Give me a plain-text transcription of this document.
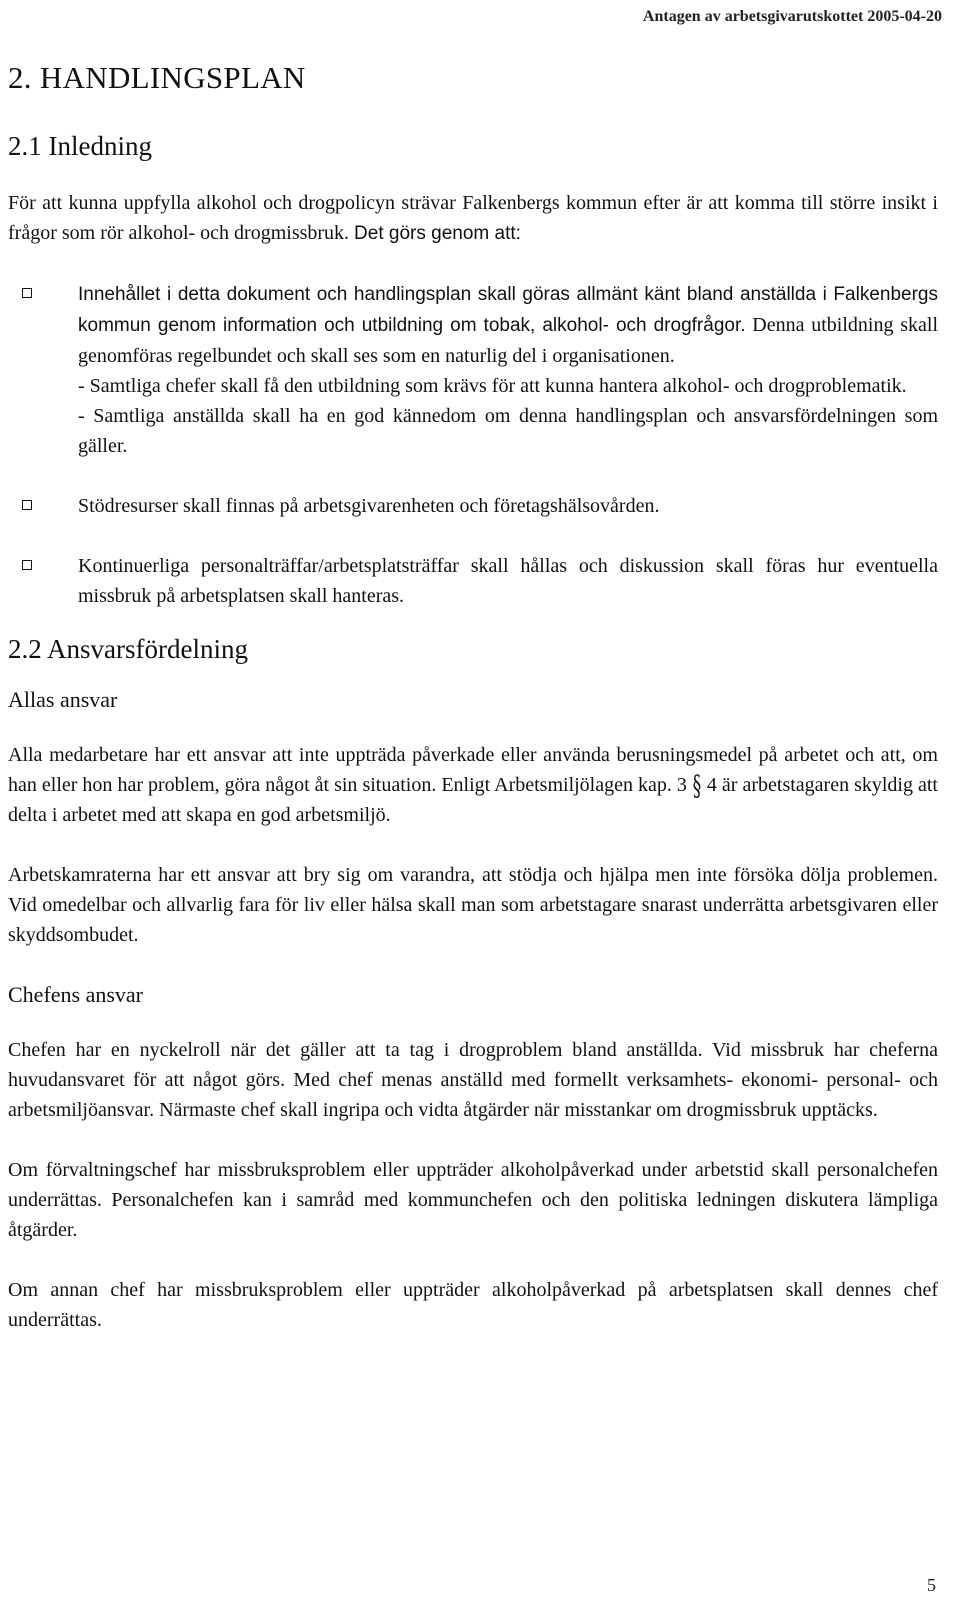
Antagen av arbetsgivarutskottet 2005-04-20
2. HANDLINGSPLAN
2.1 Inledning

För att kunna uppfylla alkohol och drogpolicyn strävar Falkenbergs kommun efter är att komma till större insikt i frågor som rör alkohol- och drogmissbruk. Det görs genom att:

Innehållet i detta dokument och handlingsplan skall göras allmänt känt bland anställda i Falkenbergs kommun genom information och utbildning om tobak, alkohol- och drogfrågor. Denna utbildning skall genomföras regelbundet och skall ses som en naturlig del i organisationen.
- Samtliga chefer skall få den utbildning som krävs för att kunna hantera alkohol- och drogproblematik.
- Samtliga anställda skall ha en god kännedom om denna handlingsplan och ansvarsfördelningen som gäller.
Stödresurser skall finnas på arbetsgivarenheten och företagshälsovården.
Kontinuerliga personalträffar/arbetsplatsträffar skall hållas och diskussion skall föras hur eventuella missbruk på arbetsplatsen skall hanteras.
2.2 Ansvarsfördelning
Allas ansvar

Alla medarbetare har ett ansvar att inte uppträda påverkade eller använda berusningsmedel på arbetet och att, om han eller hon har problem, göra något åt sin situation. Enligt Arbetsmiljölagen kap. 3 § 4 är arbetstagaren skyldig att delta i arbetet med att skapa en god arbetsmiljö.

Arbetskamraterna har ett ansvar att bry sig om varandra, att stödja och hjälpa men inte försöka dölja problemen. Vid omedelbar och allvarlig fara för liv eller hälsa skall man som arbetstagare snarast underrätta arbetsgivaren eller skyddsombudet.

Chefens ansvar

Chefen har en nyckelroll när det gäller att ta tag i drogproblem bland anställda. Vid missbruk har cheferna huvudansvaret för att något görs. Med chef menas anställd med formellt verksamhets- ekonomi- personal- och arbetsmiljöansvar. Närmaste chef skall ingripa och vidta åtgärder när misstankar om drogmissbruk upptäcks.

Om förvaltningschef har missbruksproblem eller uppträder alkoholpåverkad under arbetstid skall personalchefen underrättas. Personalchefen kan i samråd med kommunchefen och den politiska ledningen diskutera lämpliga åtgärder.

Om annan chef har missbruksproblem eller uppträder alkoholpåverkad på arbetsplatsen skall dennes chef underrättas.

5
